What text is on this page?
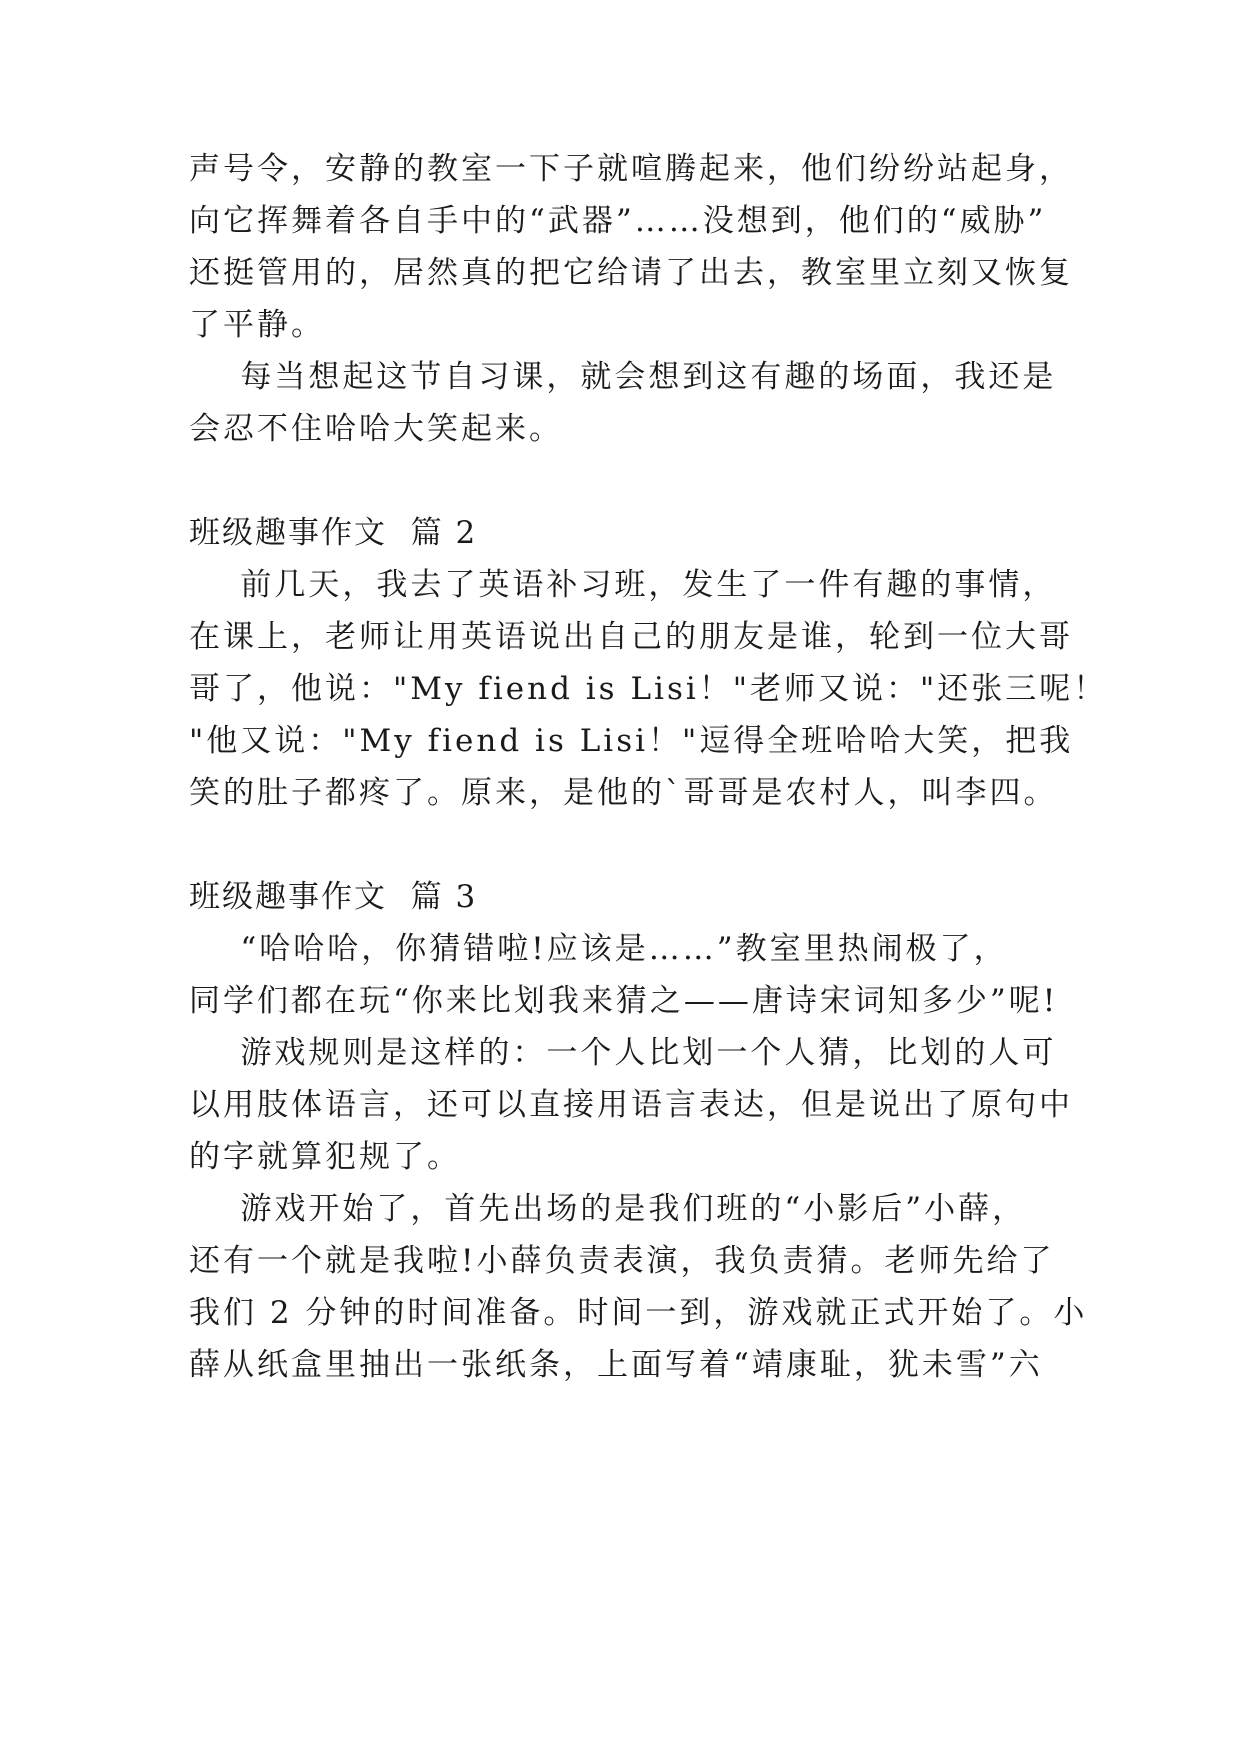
声号令，安静的教室一下子就喧腾起来，他们纷纷站起身，
向它挥舞着各自手中的“武器”……没想到，他们的“威胁”
还挺管用的，居然真的把它给请了出去，教室里立刻又恢复
了平静。
每当想起这节自习课，就会想到这有趣的场面，我还是
会忍不住哈哈大笑起来。
班级趣事作文  篇 2
前几天，我去了英语补习班，发生了一件有趣的事情，
在课上，老师让用英语说出自己的朋友是谁，轮到一位大哥
哥了，他说："My fiend is Lisi！"老师又说："还张三呢！
"他又说："My fiend is Lisi！"逗得全班哈哈大笑，把我
笑的肚子都疼了。原来，是他的`哥哥是农村人，叫李四。
班级趣事作文  篇 3
“哈哈哈，你猜错啦!应该是……”教室里热闹极了，
同学们都在玩“你来比划我来猜之——唐诗宋词知多少”呢!
游戏规则是这样的：一个人比划一个人猜，比划的人可
以用肢体语言，还可以直接用语言表达，但是说出了原句中
的字就算犯规了。
游戏开始了，首先出场的是我们班的“小影后”小薛，
还有一个就是我啦!小薛负责表演，我负责猜。老师先给了
我们 2 分钟的时间准备。时间一到，游戏就正式开始了。小
薛从纸盒里抽出一张纸条，上面写着“靖康耻，犹未雪”六
